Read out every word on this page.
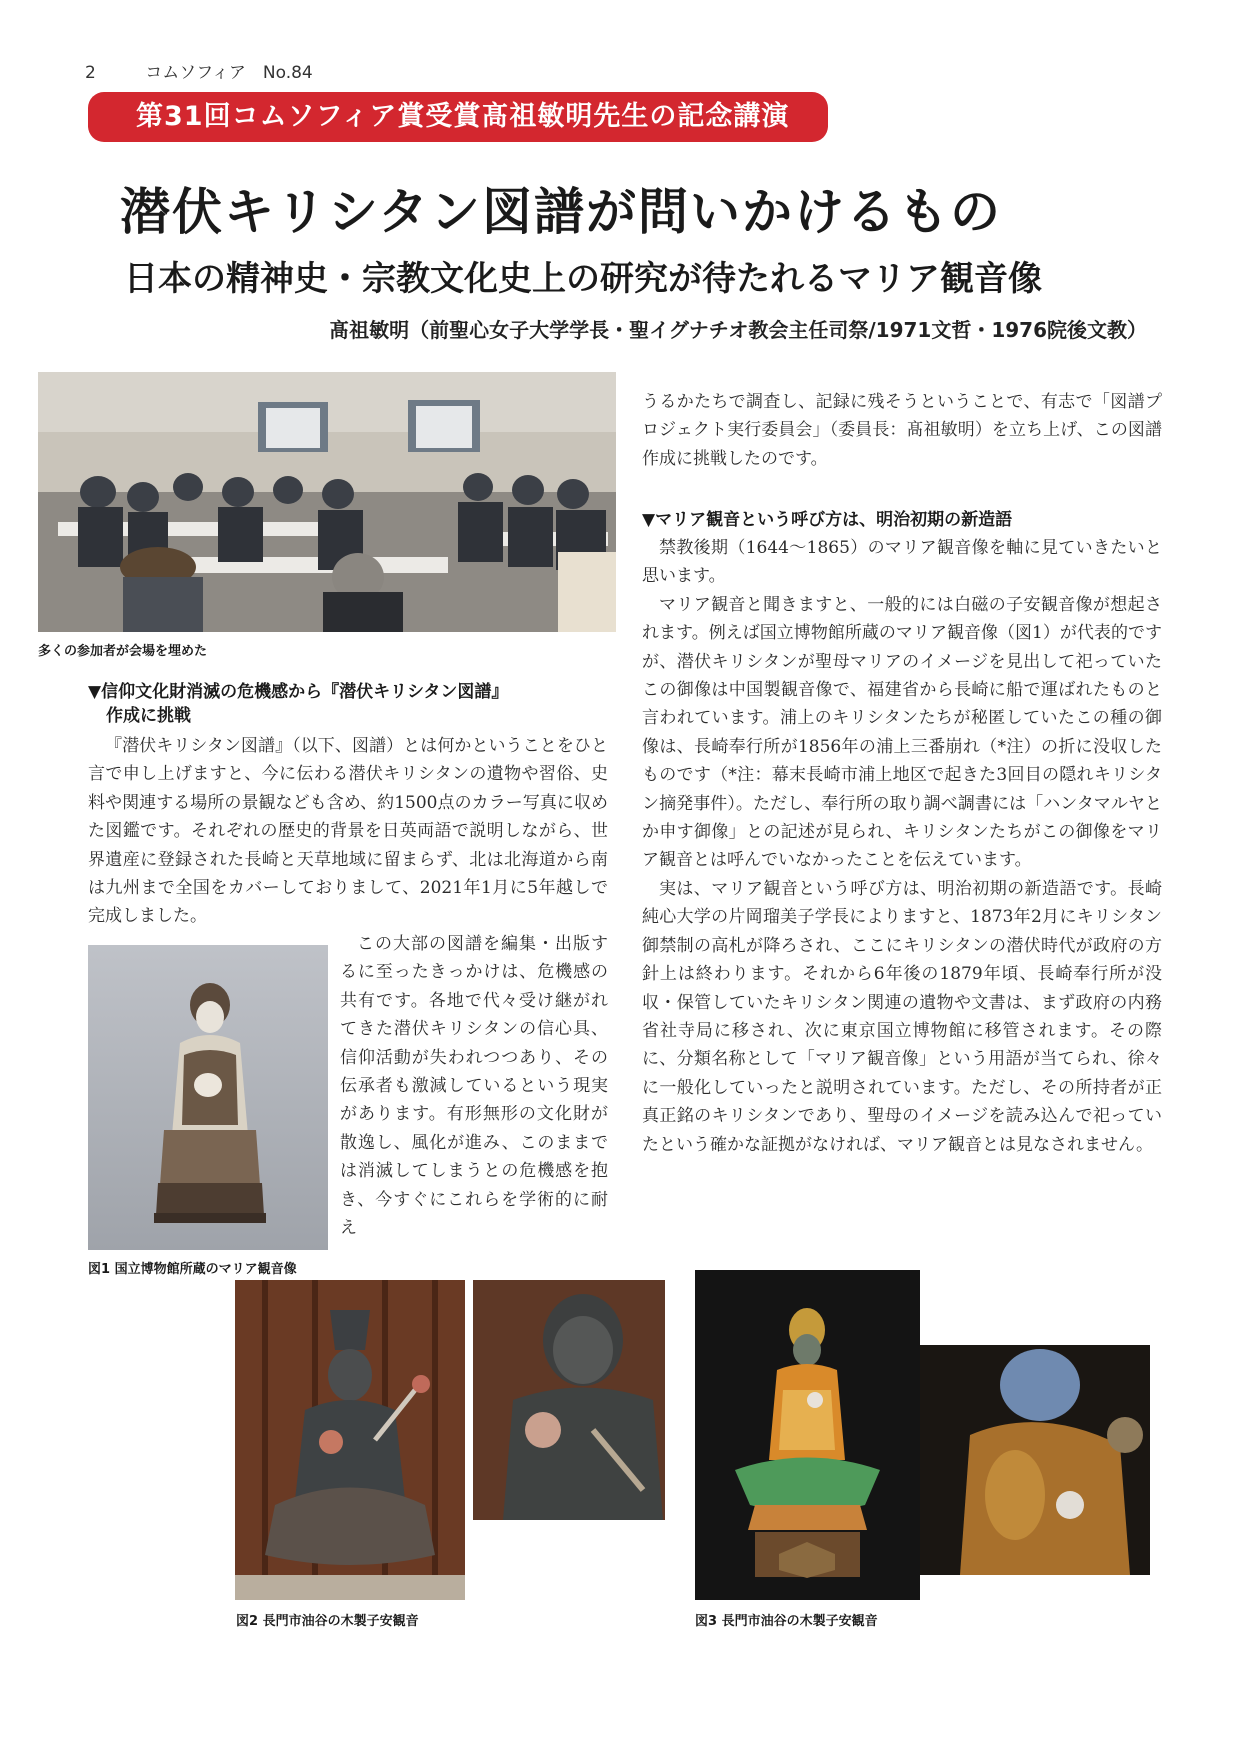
2	コムソフィア　No.84
第31回コムソフィア賞受賞髙祖敏明先生の記念講演
潜伏キリシタン図譜が問いかけるもの
日本の精神史・宗教文化史上の研究が待たれるマリア観音像
髙祖敏明（前聖心女子大学学長・聖イグナチオ教会主任司祭/1971文哲・1976院後文教）
多くの参加者が会場を埋めた
▼信仰文化財消滅の危機感から『潜伏キリシタン図譜』
作成に挑戦

『潜伏キリシタン図譜』（以下、図譜）とは何かということをひと言で申し上げますと、今に伝わる潜伏キリシタンの遺物や習俗、史料や関連する場所の景観なども含め、約1500点のカラー写真に収めた図鑑です。それぞれの歴史的背景を日英両語で説明しながら、世界遺産に登録された長崎と天草地域に留まらず、北は北海道から南は九州まで全国をカバーしておりまして、2021年1月に5年越しで完成しました。

図1 国立博物館所蔵のマリア観音像

この大部の図譜を編集・出版するに至ったきっかけは、危機感の共有です。各地で代々受け継がれてきた潜伏キリシタンの信心具、信仰活動が失われつつあり、その伝承者も激減しているという現実があります。有形無形の文化財が散逸し、風化が進み、このままでは消滅してしまうとの危機感を抱き、今すぐにこれらを学術的に耐え

うるかたちで調査し、記録に残そうということで、有志で「図譜プロジェクト実行委員会」（委員長：髙祖敏明）を立ち上げ、この図譜作成に挑戦したのです。

▼マリア観音という呼び方は、明治初期の新造語

禁教後期（1644〜1865）のマリア観音像を軸に見ていきたいと思います。

マリア観音と聞きますと、一般的には白磁の子安観音像が想起されます。例えば国立博物館所蔵のマリア観音像（図1）が代表的ですが、潜伏キリシタンが聖母マリアのイメージを見出して祀っていたこの御像は中国製観音像で、福建省から長崎に船で運ばれたものと言われています。浦上のキリシタンたちが秘匿していたこの種の御像は、長崎奉行所が1856年の浦上三番崩れ（*注）の折に没収したものです（*注：幕末長崎市浦上地区で起きた3回目の隠れキリシタン摘発事件）。ただし、奉行所の取り調べ調書には「ハンタマルヤとか申す御像」との記述が見られ、キリシタンたちがこの御像をマリア観音とは呼んでいなかったことを伝えています。

実は、マリア観音という呼び方は、明治初期の新造語です。長崎純心大学の片岡瑠美子学長によりますと、1873年2月にキリシタン御禁制の高札が降ろされ、ここにキリシタンの潜伏時代が政府の方針上は終わります。それから6年後の1879年頃、長崎奉行所が没収・保管していたキリシタン関連の遺物や文書は、まず政府の内務省社寺局に移され、次に東京国立博物館に移管されます。その際に、分類名称として「マリア観音像」という用語が当てられ、徐々に一般化していったと説明されています。ただし、その所持者が正真正銘のキリシタンであり、聖母のイメージを読み込んで祀っていたという確かな証拠がなければ、マリア観音とは見なされません。

図2 長門市油谷の木製子安観音	図3 長門市油谷の木製子安観音
